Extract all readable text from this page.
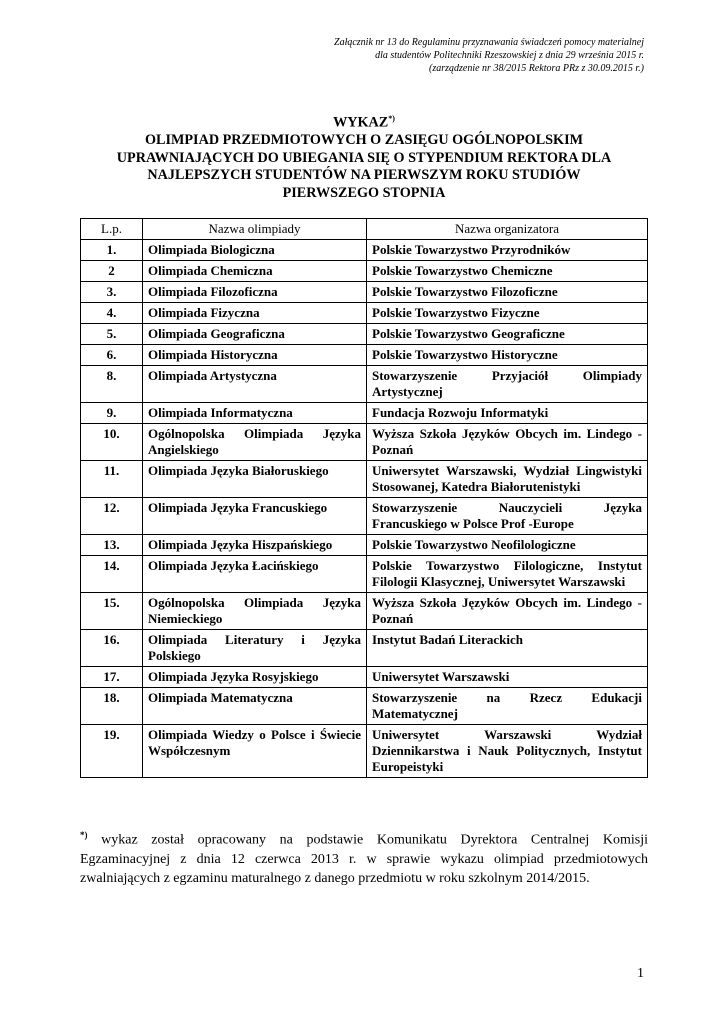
Załącznik nr 13 do Regulaminu przyznawania świadczeń pomocy materialnej
dla studentów Politechniki Rzeszowskiej z dnia 29 września 2015 r.
(zarządzenie nr 38/2015 Rektora PRz z 30.09.2015 r.)
WYKAZ*)
OLIMPIAD PRZEDMIOTOWYCH O ZASIĘGU OGÓLNOPOLSKIM
UPRAWNIAJĄCYCH DO UBIEGANIA SIĘ O STYPENDIUM REKTORA DLA
NAJLEPSZYCH STUDENTÓW NA PIERWSZYM ROKU STUDIÓW
PIERWSZEGO STOPNIA
L.p.	Nazwa olimpiady	Nazwa organizatora
1.	Olimpiada Biologiczna	Polskie Towarzystwo Przyrodników
2	Olimpiada Chemiczna	Polskie Towarzystwo Chemiczne
3.	Olimpiada Filozoficzna	Polskie Towarzystwo Filozoficzne
4.	Olimpiada Fizyczna	Polskie Towarzystwo Fizyczne
5.	Olimpiada Geograficzna	Polskie Towarzystwo Geograficzne
6.	Olimpiada Historyczna	Polskie Towarzystwo Historyczne
8.	Olimpiada Artystyczna	Stowarzyszenie Przyjaciół Olimpiady Artystycznej
9.	Olimpiada Informatyczna	Fundacja Rozwoju Informatyki
10.	Ogólnopolska Olimpiada Języka Angielskiego	Wyższa Szkoła Języków Obcych im. Lindego - Poznań
11.	Olimpiada Języka Białoruskiego	Uniwersytet Warszawski, Wydział Lingwistyki Stosowanej, Katedra Białorutenistyki
12.	Olimpiada Języka Francuskiego	Stowarzyszenie Nauczycieli Języka Francuskiego w Polsce Prof -Europe
13.	Olimpiada Języka Hiszpańskiego	Polskie Towarzystwo Neofilologiczne
14.	Olimpiada Języka Łacińskiego	Polskie Towarzystwo Filologiczne, Instytut Filologii Klasycznej, Uniwersytet Warszawski
15.	Ogólnopolska Olimpiada Języka Niemieckiego	Wyższa Szkoła Języków Obcych im. Lindego - Poznań
16.	Olimpiada Literatury i Języka Polskiego	Instytut Badań Literackich
17.	Olimpiada Języka Rosyjskiego	Uniwersytet Warszawski
18.	Olimpiada Matematyczna	Stowarzyszenie na Rzecz Edukacji Matematycznej
19.	Olimpiada Wiedzy o Polsce i Świecie Współczesnym	Uniwersytet Warszawski Wydział Dziennikarstwa i Nauk Politycznych, Instytut Europeistyki
*) wykaz został opracowany na podstawie Komunikatu Dyrektora Centralnej Komisji Egzaminacyjnej z dnia 12 czerwca 2013 r. w sprawie wykazu olimpiad przedmiotowych zwalniających z egzaminu maturalnego z danego przedmiotu w roku szkolnym 2014/2015.
1
